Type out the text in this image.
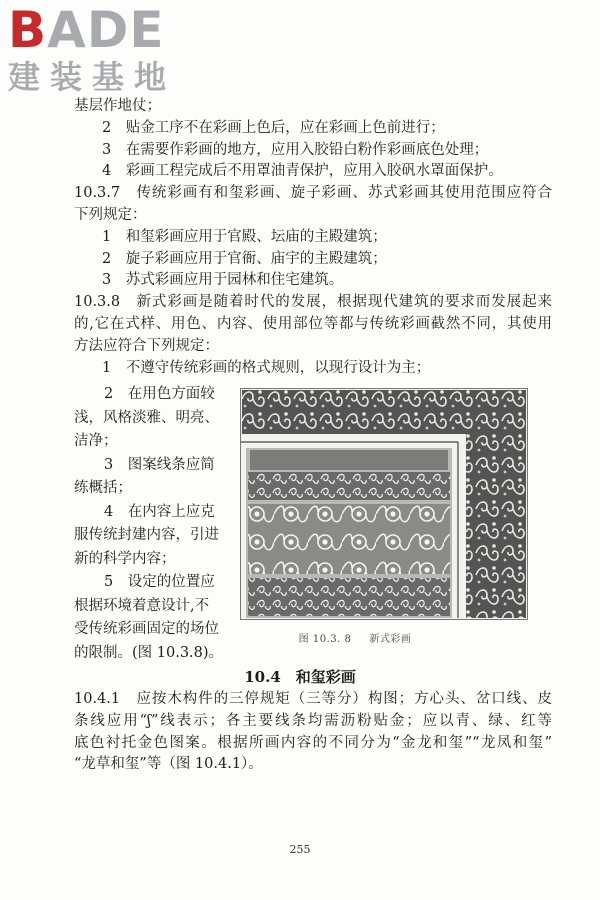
BADE
建装基地
基层作地仗；
2　贴金工序不在彩画上色后，应在彩画上色前进行；
3　在需要作彩画的地方，应用入胶铅白粉作彩画底色处理；
4　彩画工程完成后不用罩油青保护，应用入胶矾水罩面保护。
10.3.7　传统彩画有和玺彩画、旋子彩画、苏式彩画其使用范围应符合
下列规定：
1　和玺彩画应用于官殿、坛庙的主殿建筑；
2　旋子彩画应用于官衙、庙宇的主殿建筑；
3　苏式彩画应用于园林和住宅建筑。
10.3.8　新式彩画是随着时代的发展，根据现代建筑的要求而发展起来
的,它在式样、用色、内容、使用部位等都与传统彩画截然不同，其使用
方法应符合下列规定：
1　不遵守传统彩画的格式规则，以现行设计为主；
2　在用色方面较
浅，风格淡雅、明亮、
洁净；
3　图案线条应简
练概括；
4　在内容上应克
服传统封建内容，引进
新的科学内容；
5　设定的位置应
根据环境着意设计,不
受传统彩画固定的场位
的限制。(图 10.3.8)。
图 10.3. 8 新式彩画
10.4　和玺彩画
10.4.1　应按木构件的三停规矩（三等分）构图；方心头、岔口线、皮
条线应用“ʃ”线表示；各主要线条均需沥粉贴金；应以青、绿、红等
底色衬托金色图案。根据所画内容的不同分为“金龙和玺”“龙凤和玺”
“龙草和玺”等（图 10.4.1）。
255
